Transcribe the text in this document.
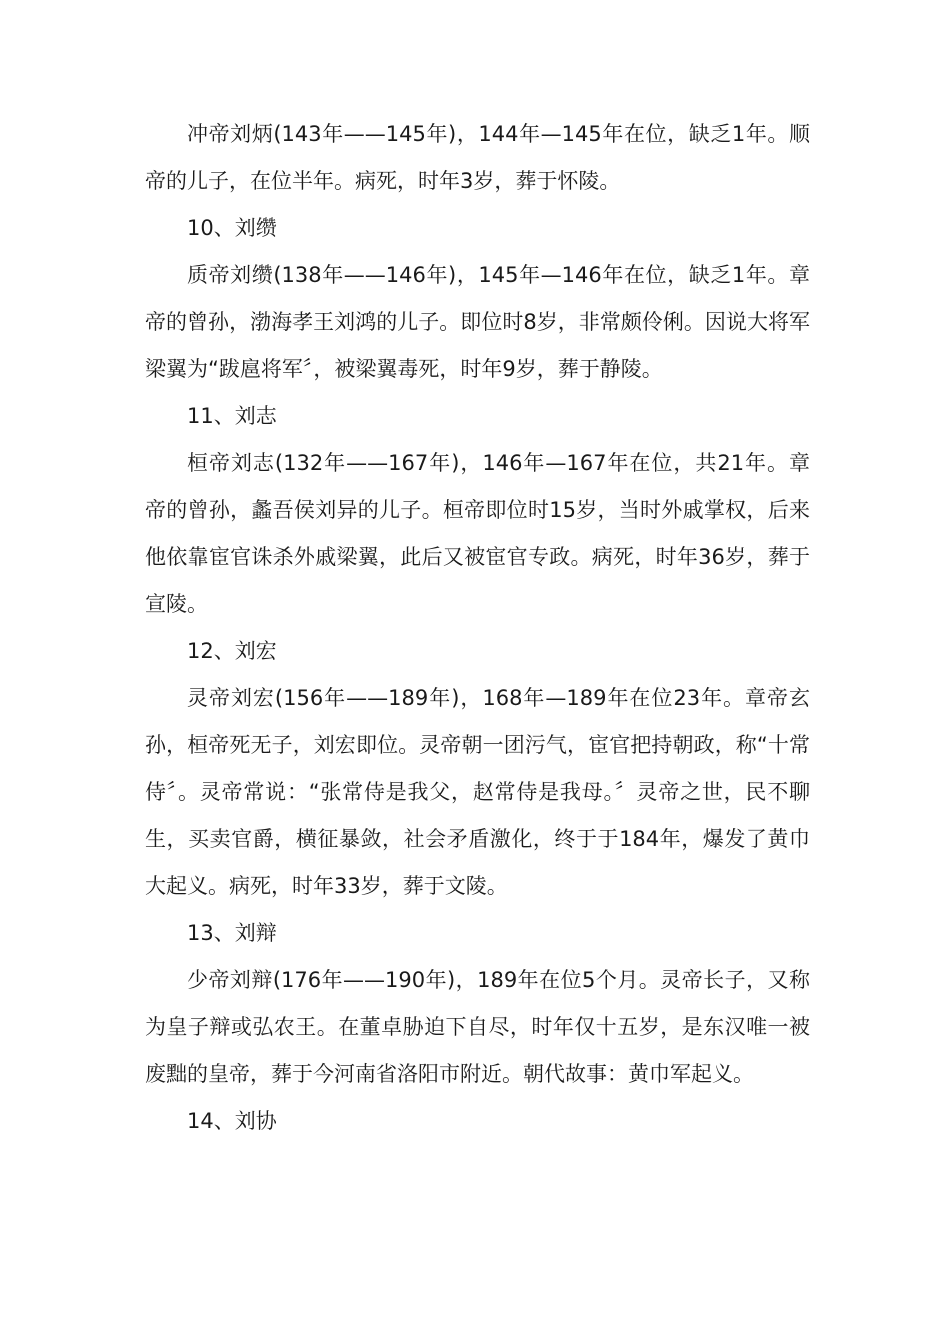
冲帝刘炳(143年——145年)，144年—145年在位，缺乏1年。顺帝的儿子，在位半年。病死，时年3岁，葬于怀陵。

10、刘缵

质帝刘缵(138年——146年)，145年—146年在位，缺乏1年。章帝的曾孙，渤海孝王刘鸿的儿子。即位时8岁，非常颇伶俐。因说大将军梁翼为“跋扈将军〞，被梁翼毒死，时年9岁，葬于静陵。

11、刘志

桓帝刘志(132年——167年)，146年—167年在位，共21年。章帝的曾孙，蠡吾侯刘异的儿子。桓帝即位时15岁，当时外戚掌权，后来他依靠宦官诛杀外戚梁翼，此后又被宦官专政。病死，时年36岁，葬于宣陵。

12、刘宏

灵帝刘宏(156年——189年)，168年—189年在位23年。章帝玄孙，桓帝死无子，刘宏即位。灵帝朝一团污气，宦官把持朝政，称“十常侍〞。灵帝常说：“张常侍是我父，赵常侍是我母。〞灵帝之世，民不聊生，买卖官爵，横征暴敛，社会矛盾激化，终于于184年，爆发了黄巾大起义。病死，时年33岁，葬于文陵。

13、刘辩

少帝刘辩(176年——190年)，189年在位5个月。灵帝长子，又称为皇子辩或弘农王。在董卓胁迫下自尽，时年仅十五岁，是东汉唯一被废黜的皇帝，葬于今河南省洛阳市附近。朝代故事：黄巾军起义。

14、刘协
